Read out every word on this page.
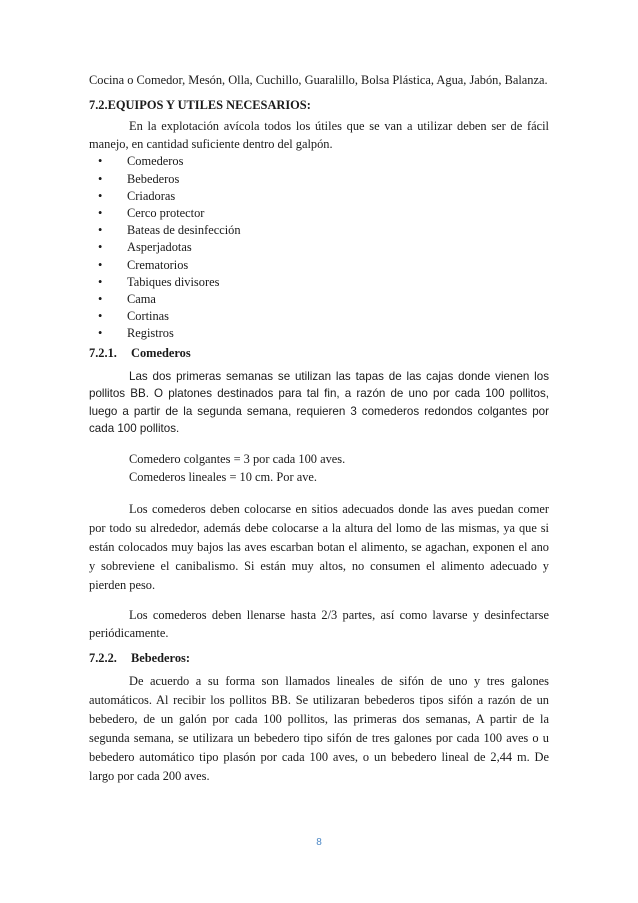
Cocina o Comedor, Mesón, Olla, Cuchillo, Guaralillo, Bolsa Plástica, Agua, Jabón, Balanza.

7.2.EQUIPOS Y UTILES NECESARIOS:

En la explotación avícola todos los útiles que se van a utilizar deben ser de fácil manejo, en cantidad suficiente dentro del galpón.

• Comederos
• Bebederos
• Criadoras
• Cerco protector
• Bateas de desinfección
• Asperjadotas
• Crematorios
• Tabiques divisores
• Cama
• Cortinas
• Registros
7.2.1. Comederos

Las dos primeras semanas se utilizan las tapas de las cajas donde vienen los pollitos BB. O platones destinados para tal fin, a razón de uno por cada 100 pollitos, luego a partir de la segunda semana, requieren 3 comederos redondos colgantes por cada 100 pollitos.

Comedero colgantes = 3 por cada 100 aves.
Comederos lineales = 10 cm. Por ave.

Los comederos deben colocarse en sitios adecuados donde las aves puedan comer por todo su alrededor, además debe colocarse a la altura del lomo de las mismas, ya que si están colocados muy bajos las aves escarban botan el alimento, se agachan, exponen el ano y sobreviene el canibalismo. Si están muy altos, no consumen el alimento adecuado y pierden peso.

Los comederos deben llenarse hasta 2/3 partes, así como lavarse y desinfectarse periódicamente.

7.2.2. Bebederos:

De acuerdo a su forma son llamados lineales de sifón de uno y tres galones automáticos. Al recibir los pollitos BB. Se utilizaran bebederos tipos sifón a razón de un bebedero, de un galón por cada 100 pollitos, las primeras dos semanas, A partir de la segunda semana, se utilizara un bebedero tipo sifón de tres galones por cada 100 aves o u bebedero automático tipo plasón por cada 100 aves, o un bebedero lineal de 2,44 m. De largo por cada 200 aves.

8
